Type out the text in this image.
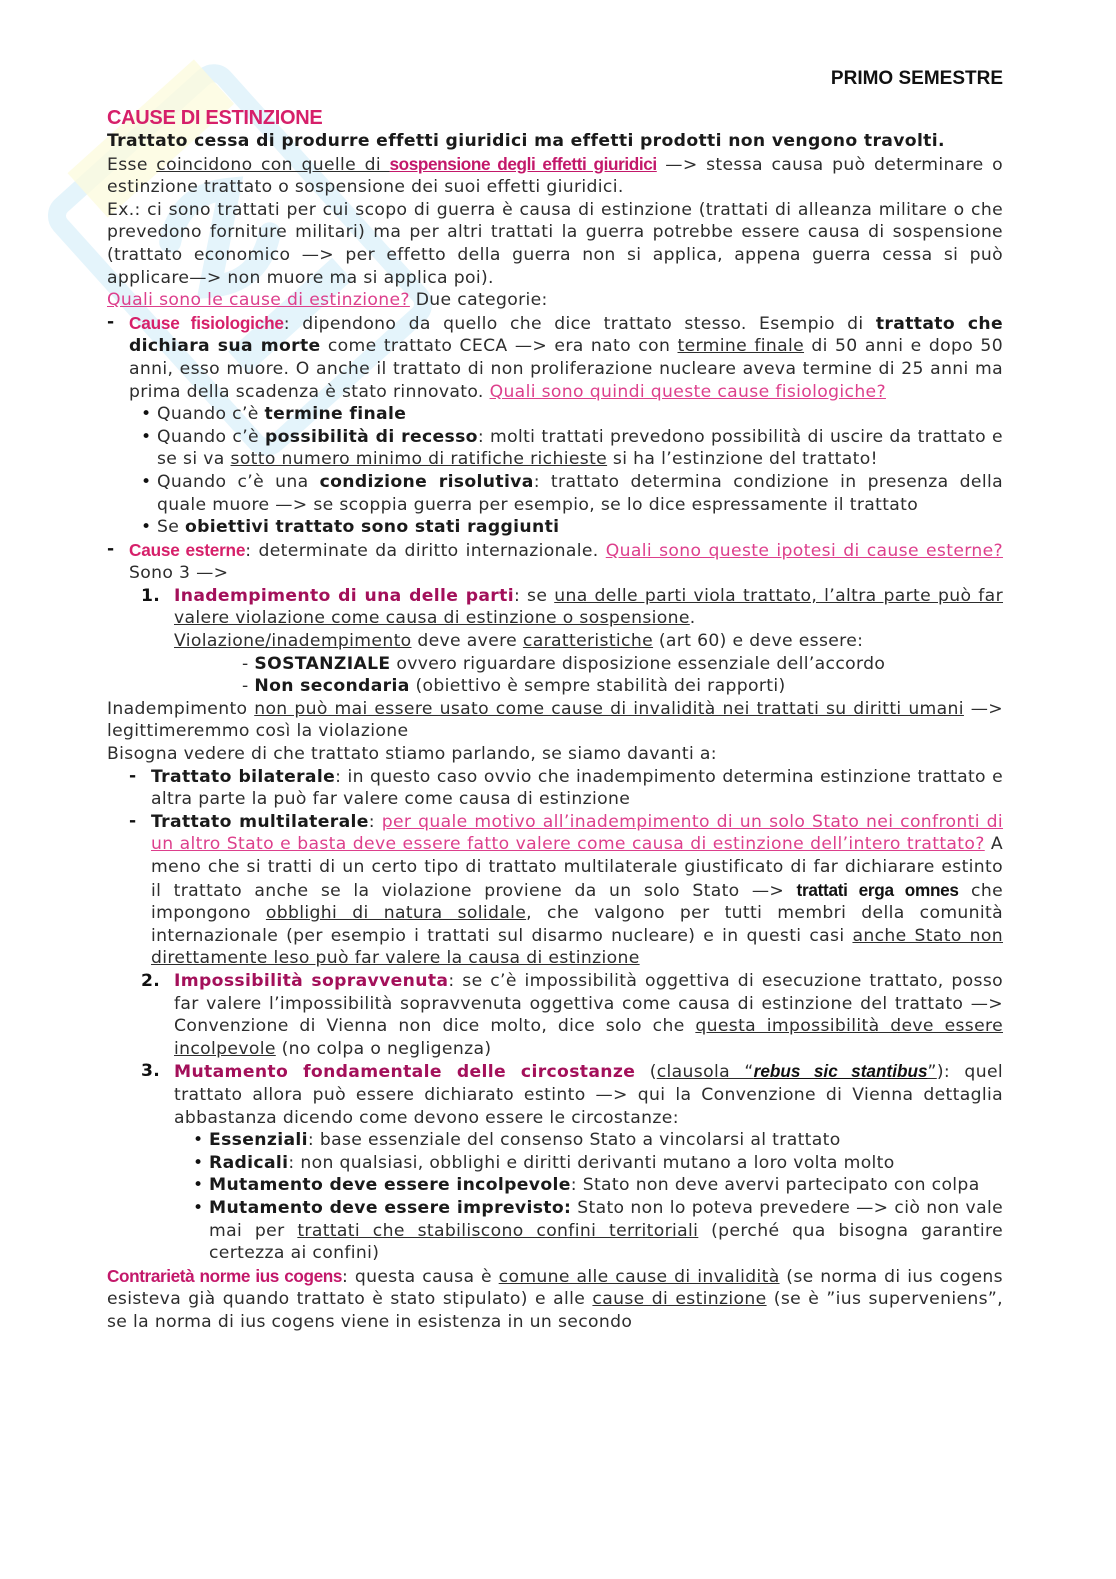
PRIMO SEMESTRE
CAUSE DI ESTINZIONE

Trattato cessa di produrre effetti giuridici ma effetti prodotti non vengono travolti.

Esse coincidono con quelle di sospensione degli effetti giuridici —> stessa causa può determinare o estinzione trattato o sospensione dei suoi effetti giuridici.

Ex.: ci sono trattati per cui scopo di guerra è causa di estinzione (trattati di alleanza militare o che prevedono forniture militari) ma per altri trattati la guerra potrebbe essere causa di sospensione (trattato economico —> per effetto della guerra non si applica, appena guerra cessa si può applicare—> non muore ma si applica poi).

Quali sono le cause di estinzione? Due categorie:

- Cause fisiologiche: dipendono da quello che dice trattato stesso. Esempio di trattato che dichiara sua morte come trattato CECA —> era nato con termine finale di 50 anni e dopo 50 anni, esso muore. O anche il trattato di non proliferazione nucleare aveva termine di 25 anni ma prima della scadenza è stato rinnovato. Quali sono quindi queste cause fisiologiche?
• Quando c’è termine finale
• Quando c’è possibilità di recesso: molti trattati prevedono possibilità di uscire da trattato e se si va sotto numero minimo di ratifiche richieste si ha l’estinzione del trattato!
• Quando c’è una condizione risolutiva: trattato determina condizione in presenza della quale muore —> se scoppia guerra per esempio, se lo dice espressamente il trattato
• Se obiettivi trattato sono stati raggiunti
- Cause esterne: determinate da diritto internazionale. Quali sono queste ipotesi di cause esterne? Sono 3 —>
1. Inadempimento di una delle parti: se una delle parti viola trattato, l’altra parte può far valere violazione come causa di estinzione o sospensione.
Violazione/inadempimento deve avere caratteristiche (art 60) e deve essere:

- SOSTANZIALE ovvero riguardare disposizione essenziale dell’accordo

- Non secondaria (obiettivo è sempre stabilità dei rapporti)

Inadempimento non può mai essere usato come cause di invalidità nei trattati su diritti umani —> legittimeremmo così la violazione

Bisogna vedere di che trattato stiamo parlando, se siamo davanti a:

- Trattato bilaterale: in questo caso ovvio che inadempimento determina estinzione trattato e altra parte la può far valere come causa di estinzione
- Trattato multilaterale: per quale motivo all’inadempimento di un solo Stato nei confronti di un altro Stato e basta deve essere fatto valere come causa di estinzione dell’intero trattato? A meno che si tratti di un certo tipo di trattato multilaterale giustificato di far dichiarare estinto il trattato anche se la violazione proviene da un solo Stato —> trattati erga omnes che impongono obblighi di natura solidale, che valgono per tutti membri della comunità internazionale (per esempio i trattati sul disarmo nucleare) e in questi casi anche Stato non direttamente leso può far valere la causa di estinzione
2. Impossibilità sopravvenuta: se c’è impossibilità oggettiva di esecuzione trattato, posso far valere l’impossibilità sopravvenuta oggettiva come causa di estinzione del trattato —> Convenzione di Vienna non dice molto, dice solo che questa impossibilità deve essere incolpevole (no colpa o negligenza)
3. Mutamento fondamentale delle circostanze (clausola “rebus sic stantibus”): quel trattato allora può essere dichiarato estinto —> qui la Convenzione di Vienna dettaglia abbastanza dicendo come devono essere le circostanze:
• Essenziali: base essenziale del consenso Stato a vincolarsi al trattato
• Radicali: non qualsiasi, obblighi e diritti derivanti mutano a loro volta molto
• Mutamento deve essere incolpevole: Stato non deve avervi partecipato con colpa
• Mutamento deve essere imprevisto: Stato non lo poteva prevedere —> ciò non vale mai per trattati che stabiliscono confini territoriali (perché qua bisogna garantire certezza ai confini)

Contrarietà norme ius cogens: questa causa è comune alle cause di invalidità (se norma di ius cogens esisteva già quando trattato è stato stipulato) e alle cause di estinzione (se è ”ius superveniens”, se la norma di ius cogens viene in esistenza in un secondo
